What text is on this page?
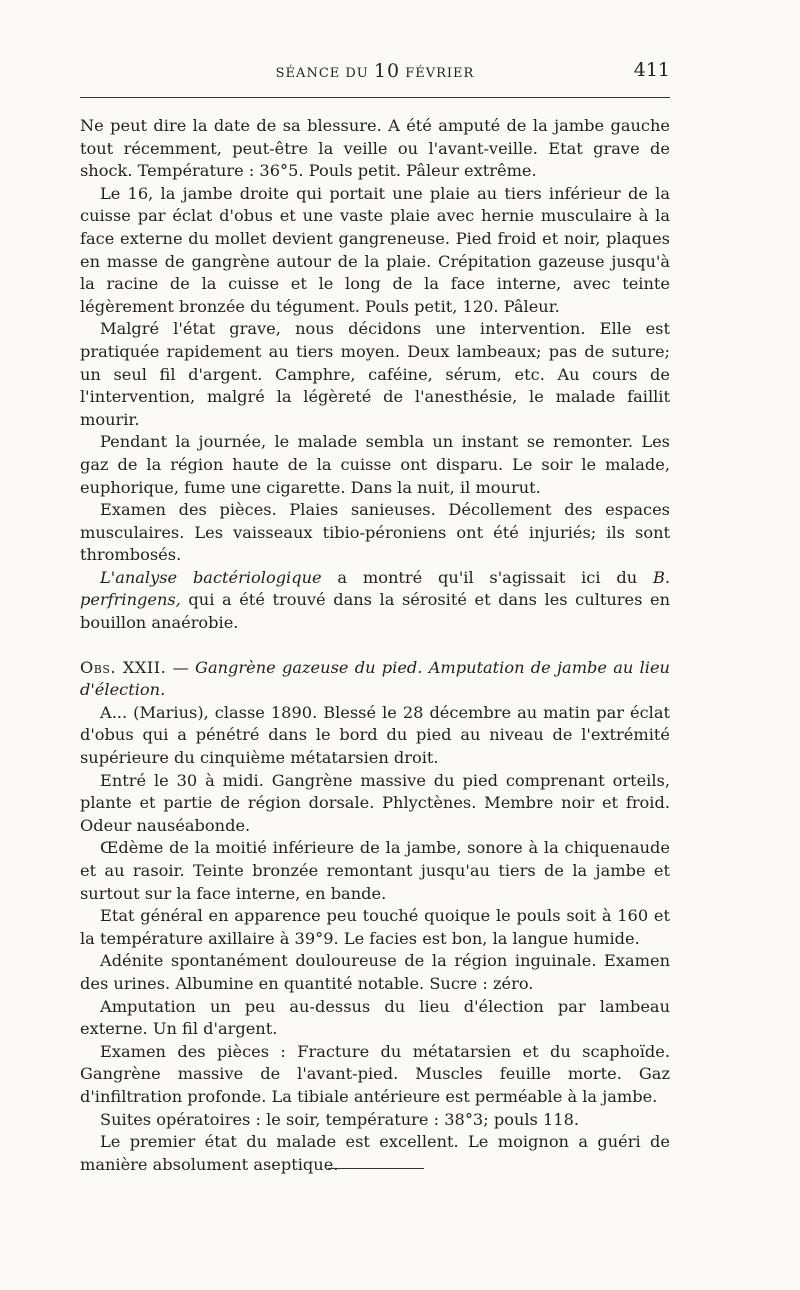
SÉANCE DU 10 FÉVRIER	411

Ne peut dire la date de sa blessure. A été amputé de la jambe gauche tout récemment, peut-être la veille ou l'avant-veille. Etat grave de shock. Température : 36°5. Pouls petit. Pâleur extrême.

Le 16, la jambe droite qui portait une plaie au tiers inférieur de la cuisse par éclat d'obus et une vaste plaie avec hernie musculaire à la face externe du mollet devient gangreneuse. Pied froid et noir, plaques en masse de gangrène autour de la plaie. Crépitation gazeuse jusqu'à la racine de la cuisse et le long de la face interne, avec teinte légèrement bronzée du tégument. Pouls petit, 120. Pâleur.

Malgré l'état grave, nous décidons une intervention. Elle est pratiquée rapidement au tiers moyen. Deux lambeaux; pas de suture; un seul fil d'argent. Camphre, caféine, sérum, etc. Au cours de l'intervention, malgré la légèreté de l'anesthésie, le malade faillit mourir.

Pendant la journée, le malade sembla un instant se remonter. Les gaz de la région haute de la cuisse ont disparu. Le soir le malade, euphorique, fume une cigarette. Dans la nuit, il mourut.

Examen des pièces. Plaies sanieuses. Décollement des espaces musculaires. Les vaisseaux tibio-péroniens ont été injuriés; ils sont thrombosés.

L'analyse bactériologique a montré qu'il s'agissait ici du B. perfringens, qui a été trouvé dans la sérosité et dans les cultures en bouillon anaérobie.

Obs. XXII. — Gangrène gazeuse du pied. Amputation de jambe au lieu d'élection.

A... (Marius), classe 1890. Blessé le 28 décembre au matin par éclat d'obus qui a pénétré dans le bord du pied au niveau de l'extrémité supérieure du cinquième métatarsien droit.

Entré le 30 à midi. Gangrène massive du pied comprenant orteils, plante et partie de région dorsale. Phlyctènes. Membre noir et froid. Odeur nauséabonde.

Œdème de la moitié inférieure de la jambe, sonore à la chiquenaude et au rasoir. Teinte bronzée remontant jusqu'au tiers de la jambe et surtout sur la face interne, en bande.

Etat général en apparence peu touché quoique le pouls soit à 160 et la température axillaire à 39°9. Le facies est bon, la langue humide.

Adénite spontanément douloureuse de la région inguinale. Examen des urines. Albumine en quantité notable. Sucre : zéro.

Amputation un peu au-dessus du lieu d'élection par lambeau externe. Un fil d'argent.

Examen des pièces : Fracture du métatarsien et du scaphoïde. Gangrène massive de l'avant-pied. Muscles feuille morte. Gaz d'infiltration profonde. La tibiale antérieure est perméable à la jambe.

Suites opératoires : le soir, température : 38°3; pouls 118.

Le premier état du malade est excellent. Le moignon a guéri de manière absolument aseptique.
